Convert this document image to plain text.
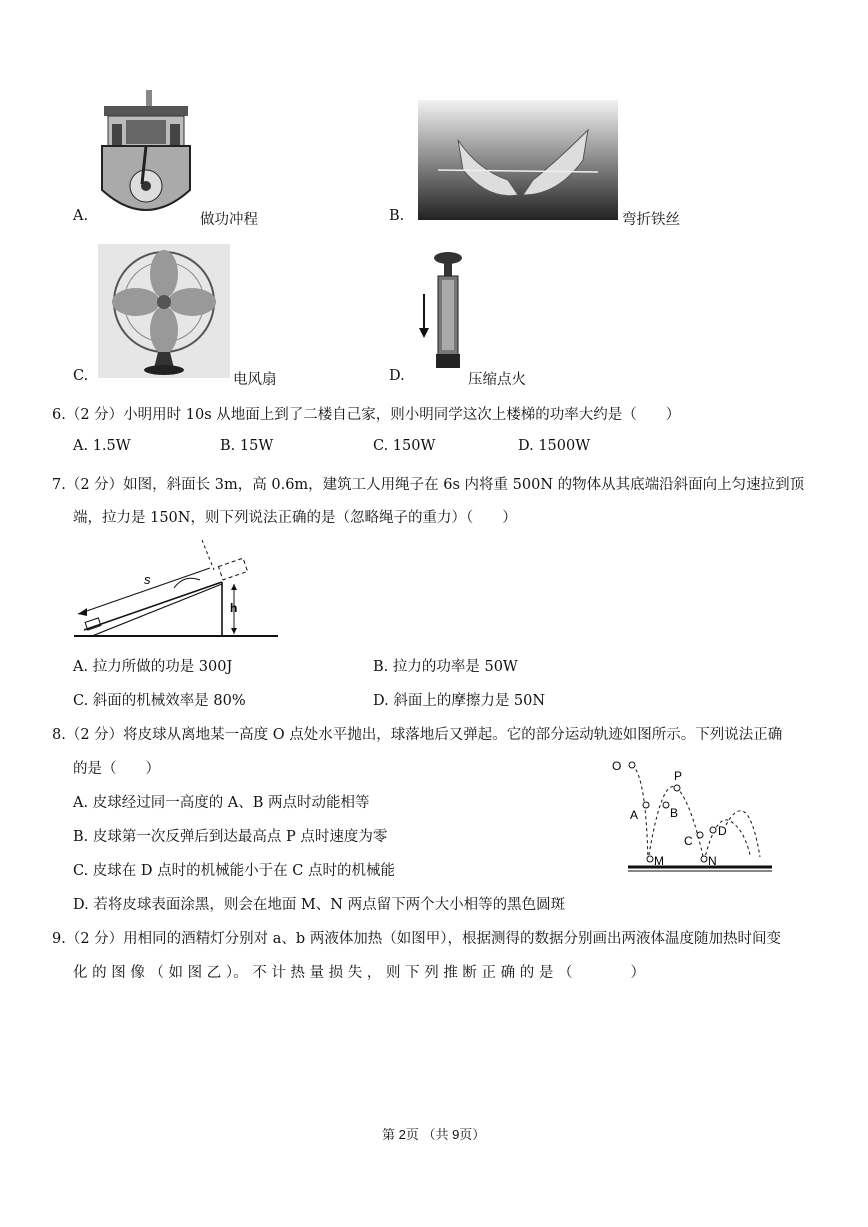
A.	做功冲程	B.	弯折铁丝
C.	电风扇	D.	压缩点火
6.（2 分）小明用时 10s 从地面上到了二楼自己家，则小明同学这次上楼梯的功率大约是（　　）
A. 1.5W	B. 15W	C. 150W	D. 1500W
7.（2 分）如图，斜面长 3m，高 0.6m，建筑工人用绳子在 6s 内将重 500N 的物体从其底端沿斜面向上匀速拉到顶
端，拉力是 150N，则下列说法正确的是（忽略绳子的重力）（　　）
s
h
A. 拉力所做的功是 300J	B. 拉力的功率是 50W
C. 斜面的机械效率是 80%	D. 斜面上的摩擦力是 50N
8.（2 分）将皮球从离地某一高度 O 点处水平抛出，球落地后又弹起。它的部分运动轨迹如图所示。下列说法正确
的是（　　）
A. 皮球经过同一高度的 A、B 两点时动能相等
B. 皮球第一次反弹后到达最高点 P 点时速度为零
C. 皮球在 D 点时的机械能小于在 C 点时的机械能
D. 若将皮球表面涂黑，则会在地面 M、N 两点留下两个大小相等的黑色圆斑
O
P
A	B
C
D
M	N
9.（2 分）用相同的酒精灯分别对 a、b 两液体加热（如图甲），根据测得的数据分别画出两液体温度随加热时间变
化 的 图 像 （ 如 图 乙 ）。 不 计 热 量 损 失 ， 则 下 列 推 断 正 确 的 是 （　　　　）
第 2页 （共 9页）
